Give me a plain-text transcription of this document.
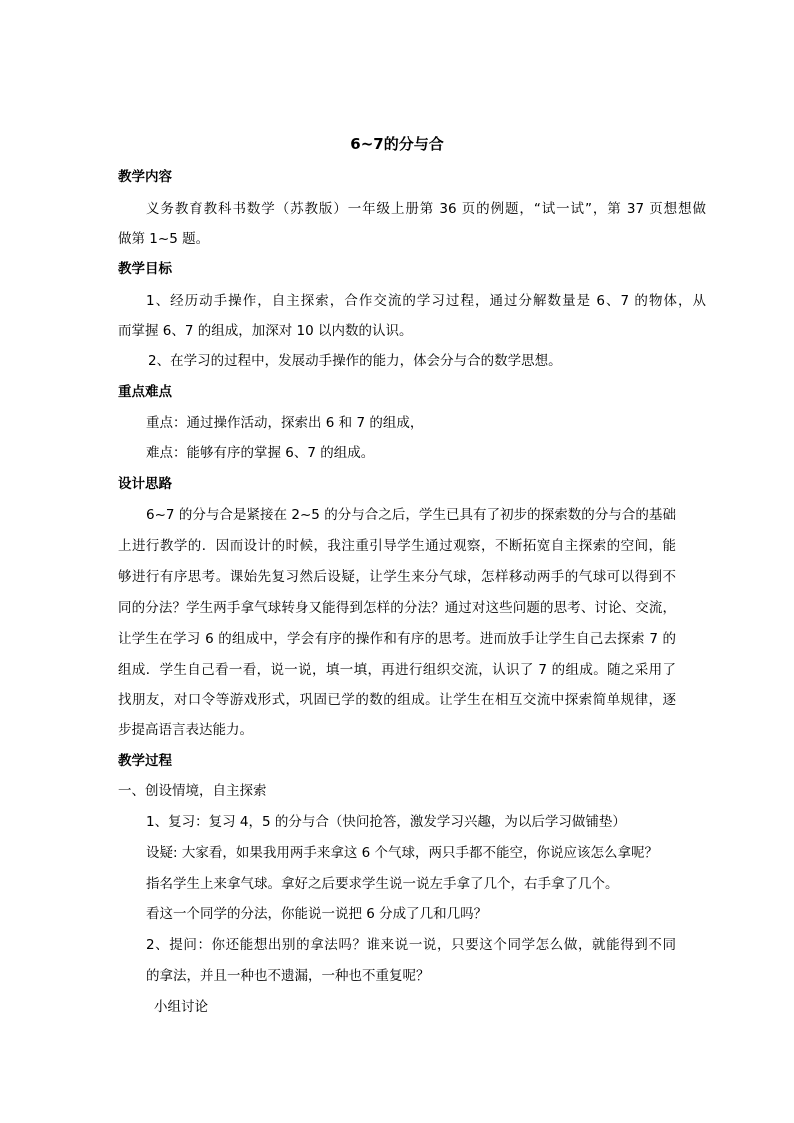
6~7的分与合
教学内容
义务教育教科书数学（苏教版）一年级上册第 36 页的例题，“试一试”，第 37 页想想做
做第 1~5 题。
教学目标
1、经历动手操作，自主探索，合作交流的学习过程，通过分解数量是 6、7 的物体，从
而掌握 6、7 的组成，加深对 10 以内数的认识。
2、在学习的过程中，发展动手操作的能力，体会分与合的数学思想。
重点难点
重点：通过操作活动，探索出 6 和 7 的组成，
难点：能够有序的掌握 6、7 的组成。
设计思路
6~7 的分与合是紧接在 2~5 的分与合之后，学生已具有了初步的探索数的分与合的基础
上进行教学的．因而设计的时候，我注重引导学生通过观察，不断拓宽自主探索的空间，能
够进行有序思考。课始先复习然后设疑，让学生来分气球，怎样移动两手的气球可以得到不
同的分法？学生两手拿气球转身又能得到怎样的分法？通过对这些问题的思考、讨论、交流，
让学生在学习 6 的组成中，学会有序的操作和有序的思考。进而放手让学生自己去探索 7 的
组成．学生自己看一看，说一说，填一填，再进行组织交流，认识了 7 的组成。随之采用了
找朋友，对口令等游戏形式，巩固已学的数的组成。让学生在相互交流中探索简单规律，逐
步提高语言表达能力。
教学过程
一、创设情境，自主探索
1、复习：复习 4，5 的分与合（快问抢答，激发学习兴趣，为以后学习做铺垫）
设疑: 大家看，如果我用两手来拿这 6 个气球，两只手都不能空，你说应该怎么拿呢？
指名学生上来拿气球。拿好之后要求学生说一说左手拿了几个，右手拿了几个。
看这一个同学的分法，你能说一说把 6 分成了几和几吗？
2、提问：你还能想出别的拿法吗？谁来说一说，只要这个同学怎么做，就能得到不同
的拿法，并且一种也不遗漏，一种也不重复呢？
小组讨论
